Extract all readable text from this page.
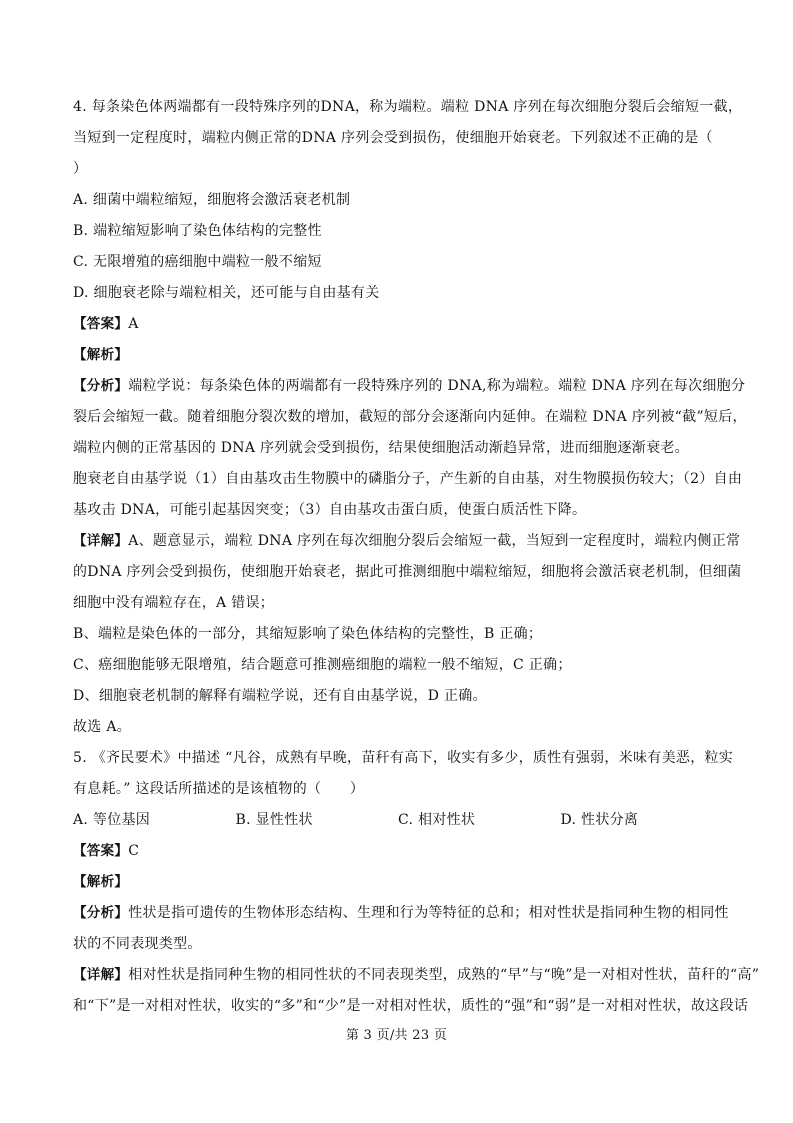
4. 每条染色体两端都有一段特殊序列的DNA，称为端粒。端粒 DNA 序列在每次细胞分裂后会缩短一截，
当短到一定程度时，端粒内侧正常的DNA 序列会受到损伤，使细胞开始衰老。下列叙述不正确的是（
）
A. 细菌中端粒缩短，细胞将会激活衰老机制
B. 端粒缩短影响了染色体结构的完整性
C. 无限增殖的癌细胞中端粒一般不缩短
D. 细胞衰老除与端粒相关，还可能与自由基有关
【答案】A
【解析】
【分析】端粒学说：每条染色体的两端都有一段特殊序列的 DNA,称为端粒。端粒 DNA 序列在每次细胞分
裂后会缩短一截。随着细胞分裂次数的增加，截短的部分会逐渐向内延伸。在端粒 DNA 序列被“截”短后，
端粒内侧的正常基因的 DNA 序列就会受到损伤，结果使细胞活动渐趋异常，进而细胞逐渐衰老。
胞衰老自由基学说（1）自由基攻击生物膜中的磷脂分子，产生新的自由基，对生物膜损伤较大；（2）自由
基攻击 DNA，可能引起基因突变；（3）自由基攻击蛋白质，使蛋白质活性下降。
【详解】A、题意显示，端粒 DNA 序列在每次细胞分裂后会缩短一截，当短到一定程度时，端粒内侧正常
的DNA 序列会受到损伤，使细胞开始衰老，据此可推测细胞中端粒缩短，细胞将会激活衰老机制，但细菌
细胞中没有端粒存在，A 错误；
B、端粒是染色体的一部分，其缩短影响了染色体结构的完整性，B 正确；
C、癌细胞能够无限增殖，结合题意可推测癌细胞的端粒一般不缩短，C 正确；
D、细胞衰老机制的解释有端粒学说，还有自由基学说，D 正确。
故选 A。
5. 《齐民要术》中描述 “凡谷，成熟有早晚，苗秆有高下，收实有多少，质性有强弱，米味有美恶，粒实
有息耗。” 这段话所描述的是该植物的（　　）
A. 等位基因	B. 显性性状	C. 相对性状	D. 性状分离
【答案】C
【解析】
【分析】性状是指可遗传的生物体形态结构、生理和行为等特征的总和；相对性状是指同种生物的相同性
状的不同表现类型。
【详解】相对性状是指同种生物的相同性状的不同表现类型，成熟的“早”与“晚”是一对相对性状，苗秆的“高”
和“下”是一对相对性状，收实的“多”和“少”是一对相对性状，质性的“强”和“弱”是一对相对性状，故这段话
第 3 页/共 23 页
